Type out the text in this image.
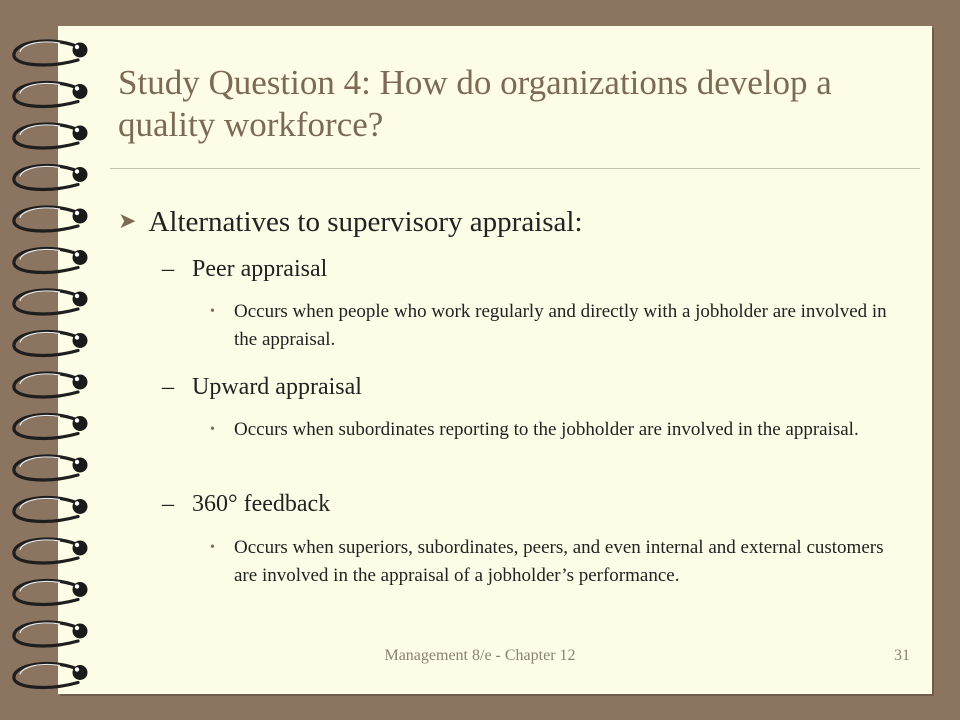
Study Question 4: How do organizations develop a quality workforce?
➤ Alternatives to supervisory appraisal:
– Peer appraisal
• Occurs when people who work regularly and directly with a jobholder are involved in the appraisal.
– Upward appraisal
• Occurs when subordinates reporting to the jobholder are involved in the appraisal.
– 360° feedback
• Occurs when superiors, subordinates, peers, and even internal and external customers are involved in the appraisal of a jobholder’s performance.
Management 8/e - Chapter 12	31
